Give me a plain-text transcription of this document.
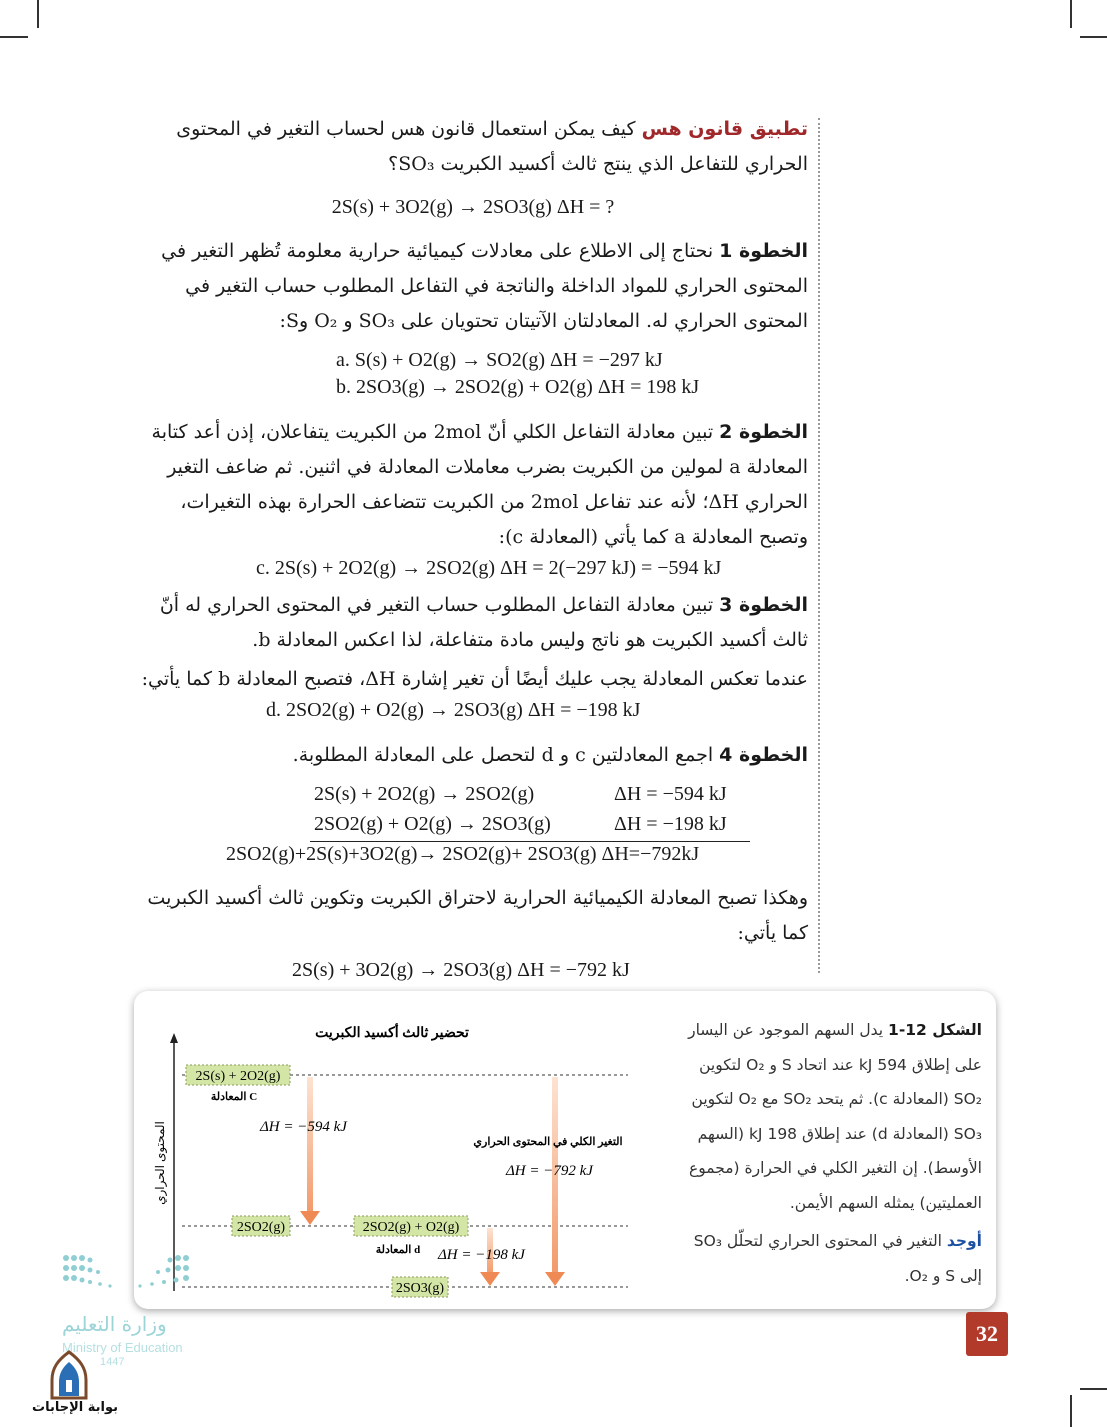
تطبيق قانون هس كيف يمكن استعمال قانون هس لحساب التغير في المحتوى الحراري للتفاعل الذي ينتج ثالث أكسيد الكبريت SO₃؟

2S(s) + 3O2(g) → 2SO3(g) ΔH = ?

الخطوة 1 نحتاج إلى الاطلاع على معادلات كيميائية حرارية معلومة تُظهر التغير في المحتوى الحراري للمواد الداخلة والناتجة في التفاعل المطلوب حساب التغير في المحتوى الحراري له. المعادلتان الآتيتان تحتويان على SO₃ و O₂ وS:

a. S(s) + O2(g) → SO2(g) ΔH = −297 kJ
b. 2SO3(g) → 2SO2(g) + O2(g) ΔH = 198 kJ

الخطوة 2 تبين معادلة التفاعل الكلي أنّ 2mol من الكبريت يتفاعلان، إذن أعد كتابة المعادلة a لمولين من الكبريت بضرب معاملات المعادلة في اثنين. ثم ضاعف التغير الحراري ΔH؛ لأنه عند تفاعل 2mol من الكبريت تتضاعف الحرارة بهذه التغيرات، وتصبح المعادلة a كما يأتي (المعادلة c):

c. 2S(s) + 2O2(g) → 2SO2(g) ΔH = 2(−297 kJ) = −594 kJ

الخطوة 3 تبين معادلة التفاعل المطلوب حساب التغير في المحتوى الحراري له أنّ ثالث أكسيد الكبريت هو ناتج وليس مادة متفاعلة، لذا اعكس المعادلة b.

عندما تعكس المعادلة يجب عليك أيضًا أن تغير إشارة ΔH، فتصبح المعادلة b كما يأتي:

d. 2SO2(g) + O2(g) → 2SO3(g) ΔH = −198 kJ

الخطوة 4 اجمع المعادلتين c و d لتحصل على المعادلة المطلوبة.

2S(s) + 2O2(g) → 2SO2(g)	ΔH = −594 kJ
2SO2(g) + O2(g) → 2SO3(g)	ΔH = −198 kJ
2SO2(g)+2S(s)+3O2(g)→ 2SO2(g)+ 2SO3(g) ΔH=−792kJ

وهكذا تصبح المعادلة الكيميائية الحرارية لاحتراق الكبريت وتكوين ثالث أكسيد الكبريت كما يأتي:

2S(s) + 3O2(g) → 2SO3(g) ΔH = −792 kJ

تحضير ثالث أكسيد الكبريت
المحتوى الحراري
2S(s) + 2O2(g)
2SO2(g)	2SO2(g) + O2(g)
2SO3(g)
المعادلة C
المعادلة d
ΔH = −594 kJ
التغير الكلي في المحتوى الحراري
ΔH = −792 kJ
ΔH = −198 kJ
الشكل 12-1 يدل السهم الموجود عن اليسار على إطلاق 594 kJ عند اتحاد S و O₂ لتكوين SO₂ (المعادلة c). ثم يتحد SO₂ مع O₂ لتكوين SO₃ (المعادلة d) عند إطلاق 198 kJ (السهم الأوسط). إن التغير الكلي في الحرارة (مجموع العمليتين) يمثله السهم الأيمن.
أوجد التغير في المحتوى الحراري لتحلّل SO₃ إلى S و O₂.
32
وزارة التعليم
Ministry of Education
1447
بوابة الإجابات
